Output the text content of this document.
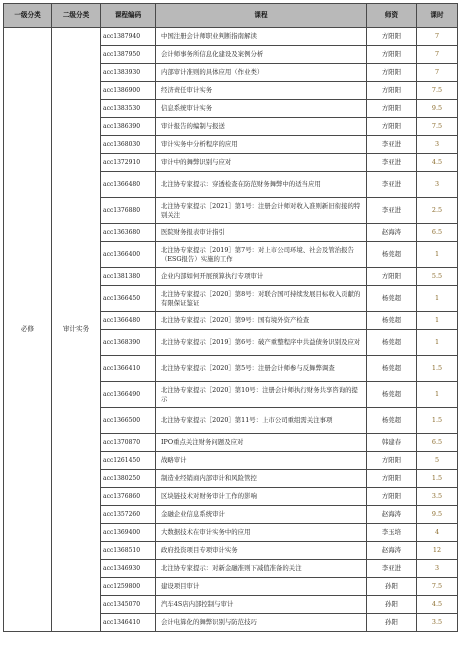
一级分类	二级分类	课程编码	课程	师资	课时
必修	审计实务	acc1387940	中国注册会计师职业判断指南解读	方阳阳	7
		acc1387950	会计师事务所信息化建设及案例分析	方阳阳	7
		acc1383930	内部审计准则的具体应用（作业类）	方阳阳	7
		acc1386900	经济责任审计实务	方阳阳	7.5
		acc1383530	信息系统审计实务	方阳阳	9.5
		acc1386390	审计报告的编制与报送	方阳阳	7.5
		acc1368030	审计实务中分析程序的应用	李亚进	3
		acc1372910	审计中的舞弊识别与应对	李亚进	4.5
		acc1366480	北注协专家提示：穿透检查在防范财务舞弊中的适当应用	李亚进	3
		acc1376880	北注协专家提示［2021］第1号：注册会计师对收入准则新旧衔接的特别关注	李亚进	2.5
		acc1363680	医院财务报表审计指引	赵海涛	6.5
		acc1366400	北注协专家提示［2019］第7号：对上市公司环境、社会及管治报告（ESG报告）实施的工作	杨莞超	1
		acc1381380	企业内部如何开展预算执行专项审计	方阳阳	5.5
		acc1366450	北注协专家提示［2020］第8号：对联合国可持续发展目标收入贡献的有限保证鉴证	杨莞超	1
		acc1366480	北注协专家提示［2020］第9号：国有境外资产检查	杨莞超	1
		acc1368390	北注协专家提示［2019］第6号：破产重整程序中共益债务识别及应对	杨莞超	1
		acc1366410	北注协专家提示［2020］第5号：注册会计师参与反舞弊调查	杨莞超	1.5
		acc1366490	北注协专家提示［2020］第10号：注册会计师执行财务共享咨询的提示	杨莞超	1
		acc1366500	北注协专家提示［2020］第11号：上市公司重组需关注事项	杨莞超	1.5
		acc1370870	IPO重点关注财务问题及应对	韩建春	6.5
		acc1261450	战略审计	方阳阳	5
		acc1380250	制造业经销商内部审计和风险管控	方阳阳	1.5
		acc1376860	区块链技术对财务审计工作的影响	方阳阳	3.5
		acc1357260	金融企业信息系统审计	赵海涛	9.5
		acc1369400	大数据技术在审计实务中的应用	李玉培	4
		acc1368510	政府投资项目专项审计实务	赵海涛	12
		acc1346930	北注协专家提示：对新金融准则下减值准备的关注	李亚进	3
		acc1259800	建设项目审计	孙阳	7.5
		acc1345070	汽车4S店内部控制与审计	孙阳	4.5
		acc1346410	会计电算化的舞弊识别与防范技巧	孙阳	3.5
